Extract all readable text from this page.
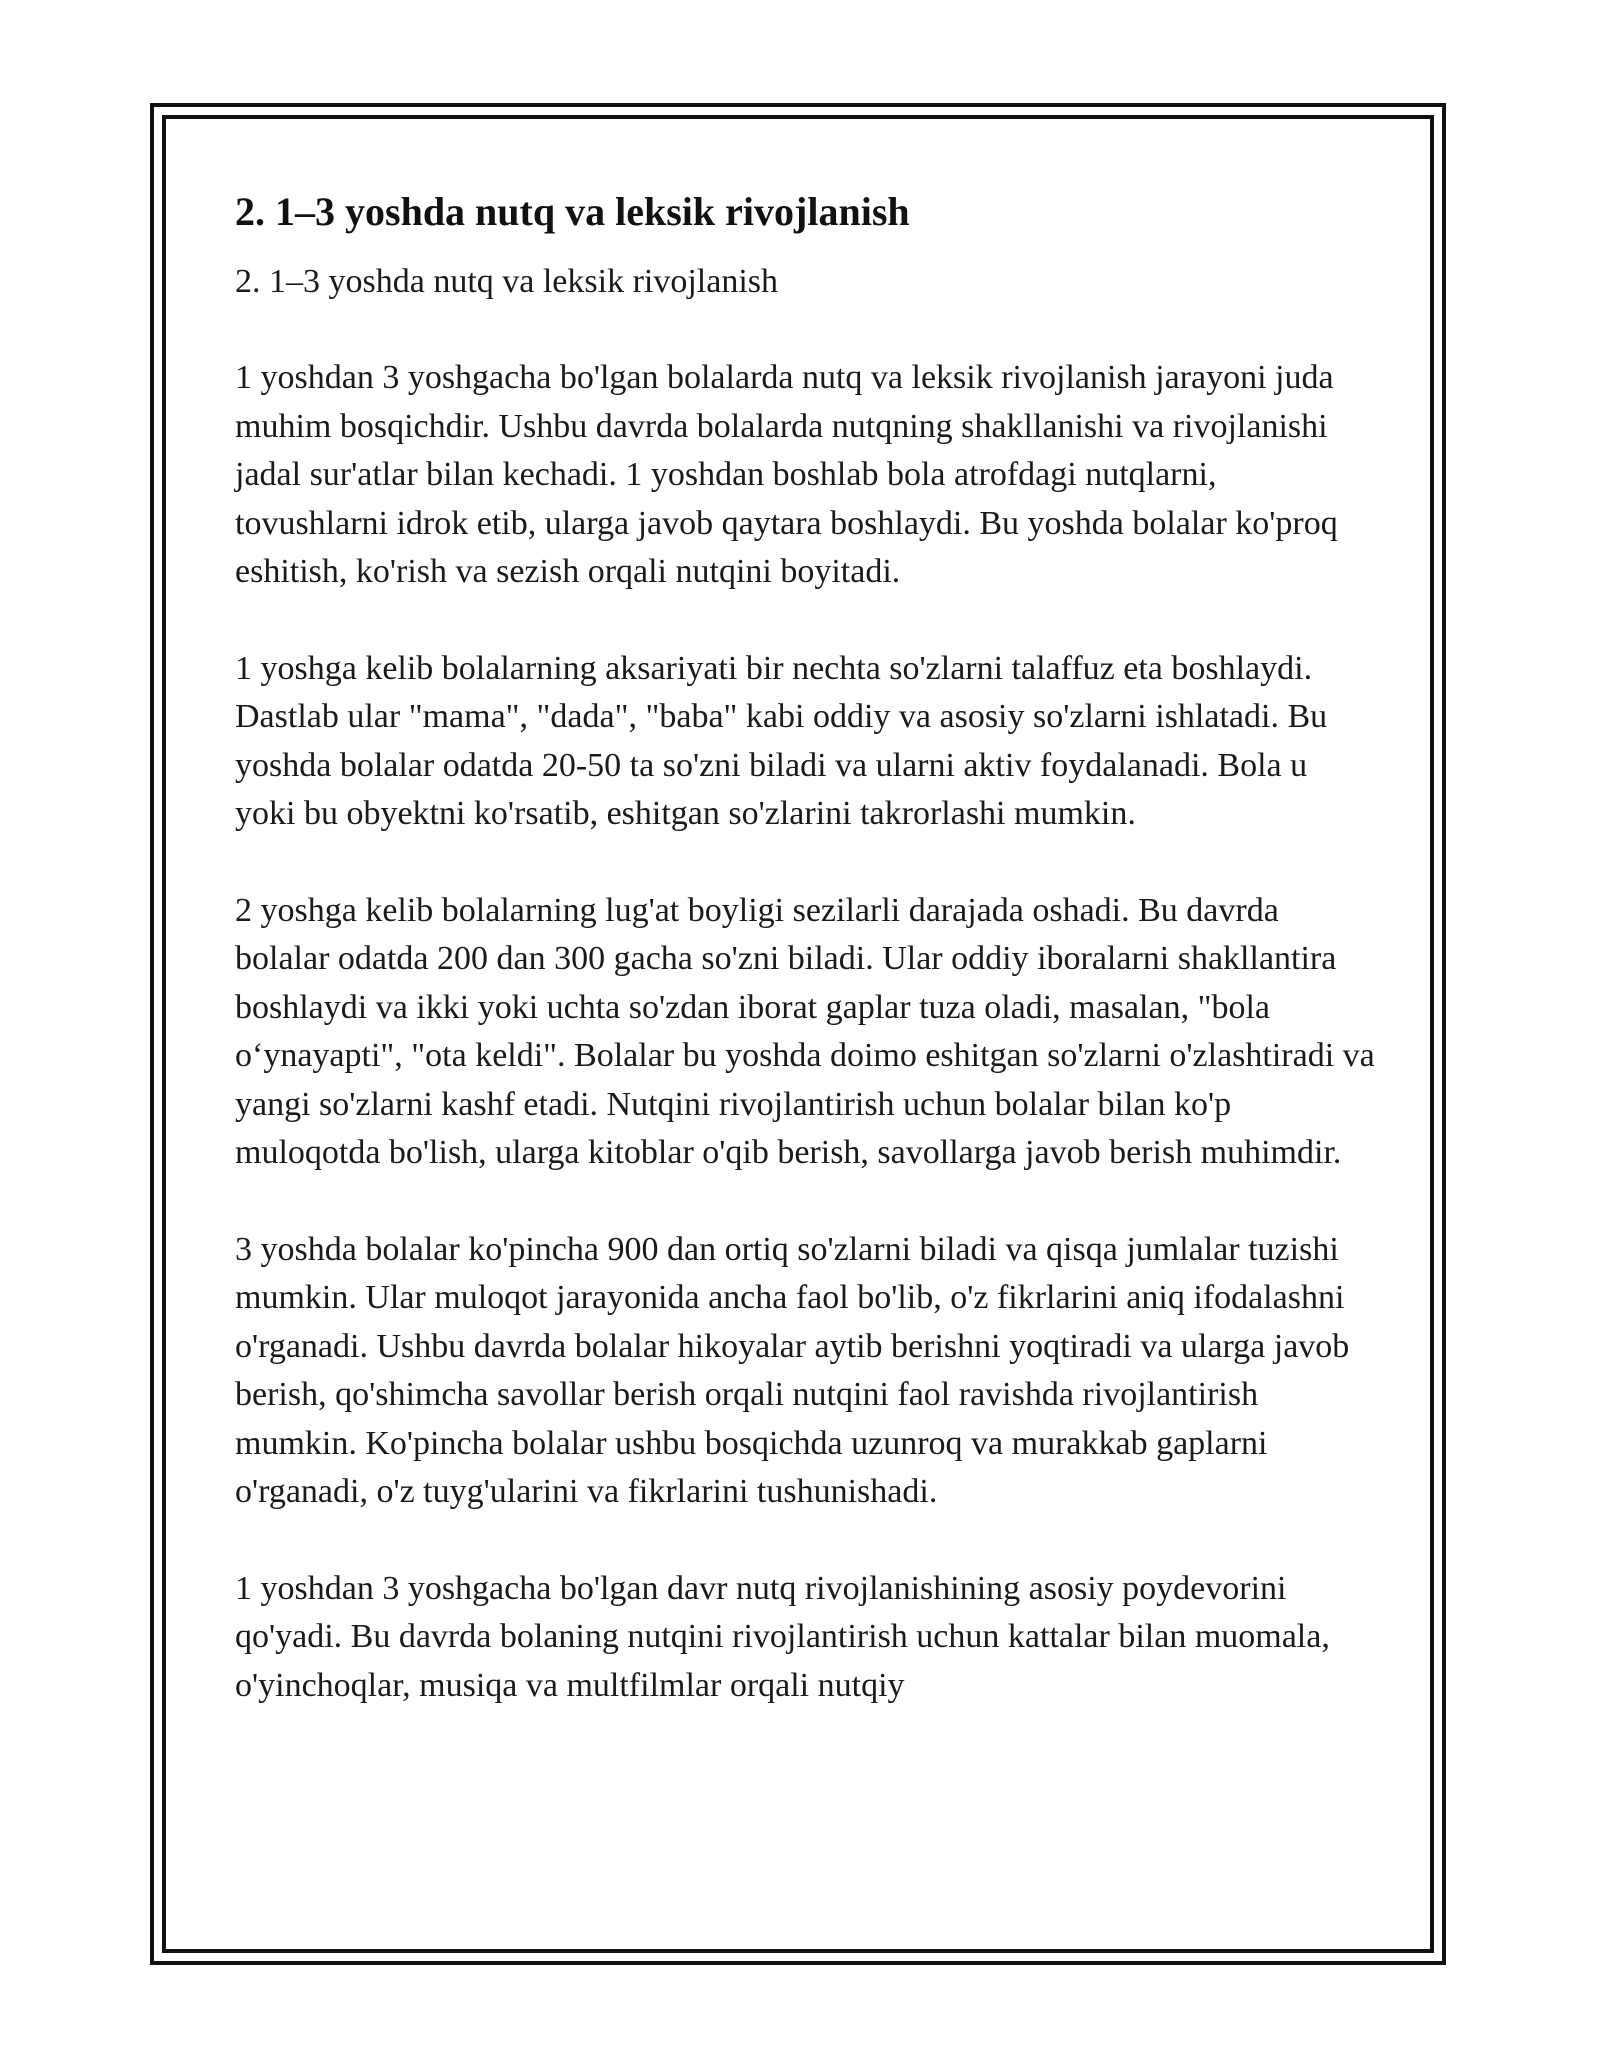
2. 1–3 yoshda nutq va leksik rivojlanish

2. 1–3 yoshda nutq va leksik rivojlanish

1 yoshdan 3 yoshgacha bo'lgan bolalarda nutq va leksik rivojlanish jarayoni juda muhim bosqichdir. Ushbu davrda bolalarda nutqning shakllanishi va rivojlanishi jadal sur'atlar bilan kechadi. 1 yoshdan boshlab bola atrofdagi nutqlarni, tovushlarni idrok etib, ularga javob qaytara boshlaydi. Bu yoshda bolalar ko'proq eshitish, ko'rish va sezish orqali nutqini boyitadi.

1 yoshga kelib bolalarning aksariyati bir nechta so'zlarni talaffuz eta boshlaydi. Dastlab ular "mama", "dada", "baba" kabi oddiy va asosiy so'zlarni ishlatadi. Bu yoshda bolalar odatda 20-50 ta so'zni biladi va ularni aktiv foydalanadi. Bola u yoki bu obyektni ko'rsatib, eshitgan so'zlarini takrorlashi mumkin.

2 yoshga kelib bolalarning lug'at boyligi sezilarli darajada oshadi. Bu davrda bolalar odatda 200 dan 300 gacha so'zni biladi. Ular oddiy iboralarni shakllantira boshlaydi va ikki yoki uchta so'zdan iborat gaplar tuza oladi, masalan, "bola o‘ynayapti", "ota keldi". Bolalar bu yoshda doimo eshitgan so'zlarni o'zlashtiradi va yangi so'zlarni kashf etadi. Nutqini rivojlantirish uchun bolalar bilan ko'p muloqotda bo'lish, ularga kitoblar o'qib berish, savollarga javob berish muhimdir.

3 yoshda bolalar ko'pincha 900 dan ortiq so'zlarni biladi va qisqa jumlalar tuzishi mumkin. Ular muloqot jarayonida ancha faol bo'lib, o'z fikrlarini aniq ifodalashni o'rganadi. Ushbu davrda bolalar hikoyalar aytib berishni yoqtiradi va ularga javob berish, qo'shimcha savollar berish orqali nutqini faol ravishda rivojlantirish mumkin. Ko'pincha bolalar ushbu bosqichda uzunroq va murakkab gaplarni o'rganadi, o'z tuyg'ularini va fikrlarini tushunishadi.

1 yoshdan 3 yoshgacha bo'lgan davr nutq rivojlanishining asosiy poydevorini qo'yadi. Bu davrda bolaning nutqini rivojlantirish uchun kattalar bilan muomala, o'yinchoqlar, musiqa va multfilmlar orqali nutqiy
